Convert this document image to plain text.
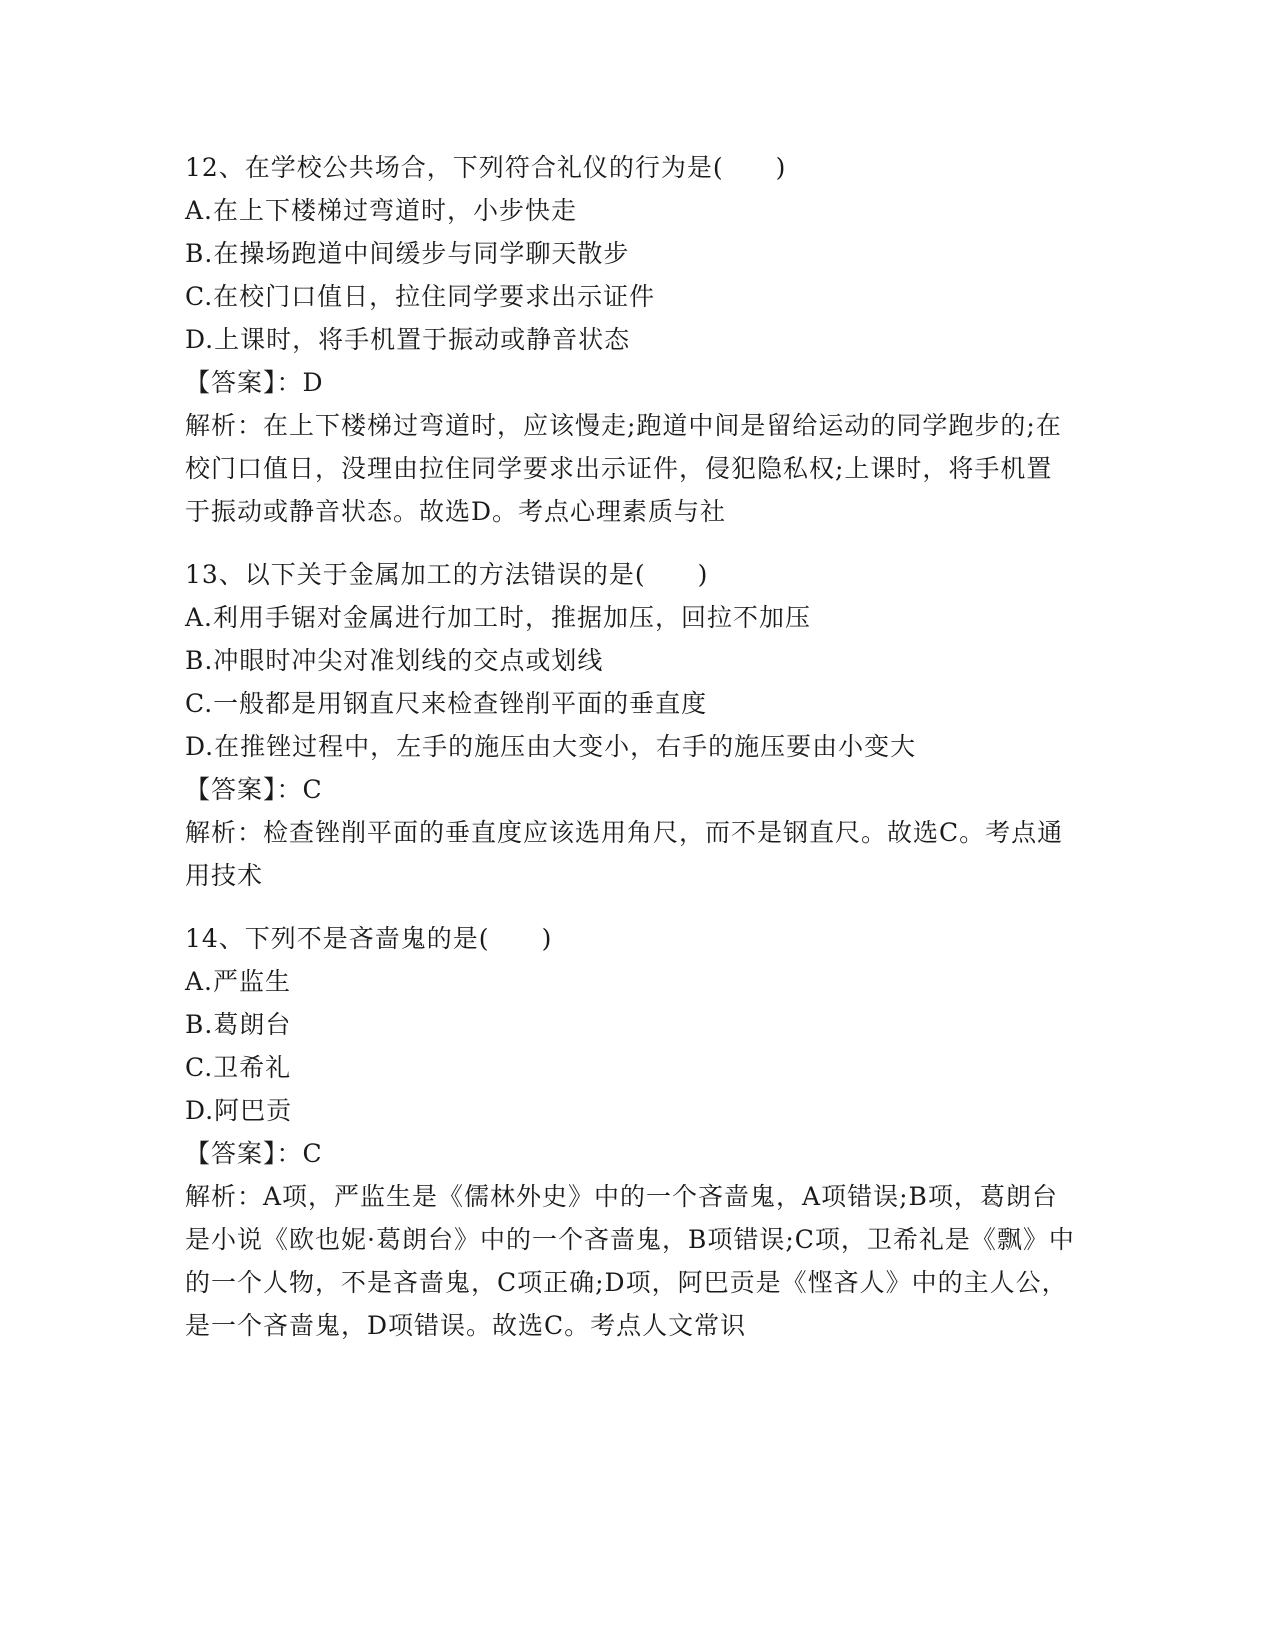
12、在学校公共场合，下列符合礼仪的行为是(　　)
A.在上下楼梯过弯道时，小步快走
B.在操场跑道中间缓步与同学聊天散步
C.在校门口值日，拉住同学要求出示证件
D.上课时，将手机置于振动或静音状态
【答案】：D
解析：在上下楼梯过弯道时，应该慢走;跑道中间是留给运动的同学跑步的;在校门口值日，没理由拉住同学要求出示证件，侵犯隐私权;上课时，将手机置于振动或静音状态。故选D。考点心理素质与社
13、以下关于金属加工的方法错误的是(　　)
A.利用手锯对金属进行加工时，推据加压，回拉不加压
B.冲眼时冲尖对准划线的交点或划线
C.一般都是用钢直尺来检查锉削平面的垂直度
D.在推锉过程中，左手的施压由大变小，右手的施压要由小变大
【答案】：C
解析：检查锉削平面的垂直度应该选用角尺，而不是钢直尺。故选C。考点通用技术
14、下列不是吝啬鬼的是(　　)
A.严监生
B.葛朗台
C.卫希礼
D.阿巴贡
【答案】：C
解析：A项，严监生是《儒林外史》中的一个吝啬鬼，A项错误;B项，葛朗台是小说《欧也妮·葛朗台》中的一个吝啬鬼，B项错误;C项，卫希礼是《飘》中的一个人物，不是吝啬鬼，C项正确;D项，阿巴贡是《悭吝人》中的主人公，是一个吝啬鬼，D项错误。故选C。考点人文常识
